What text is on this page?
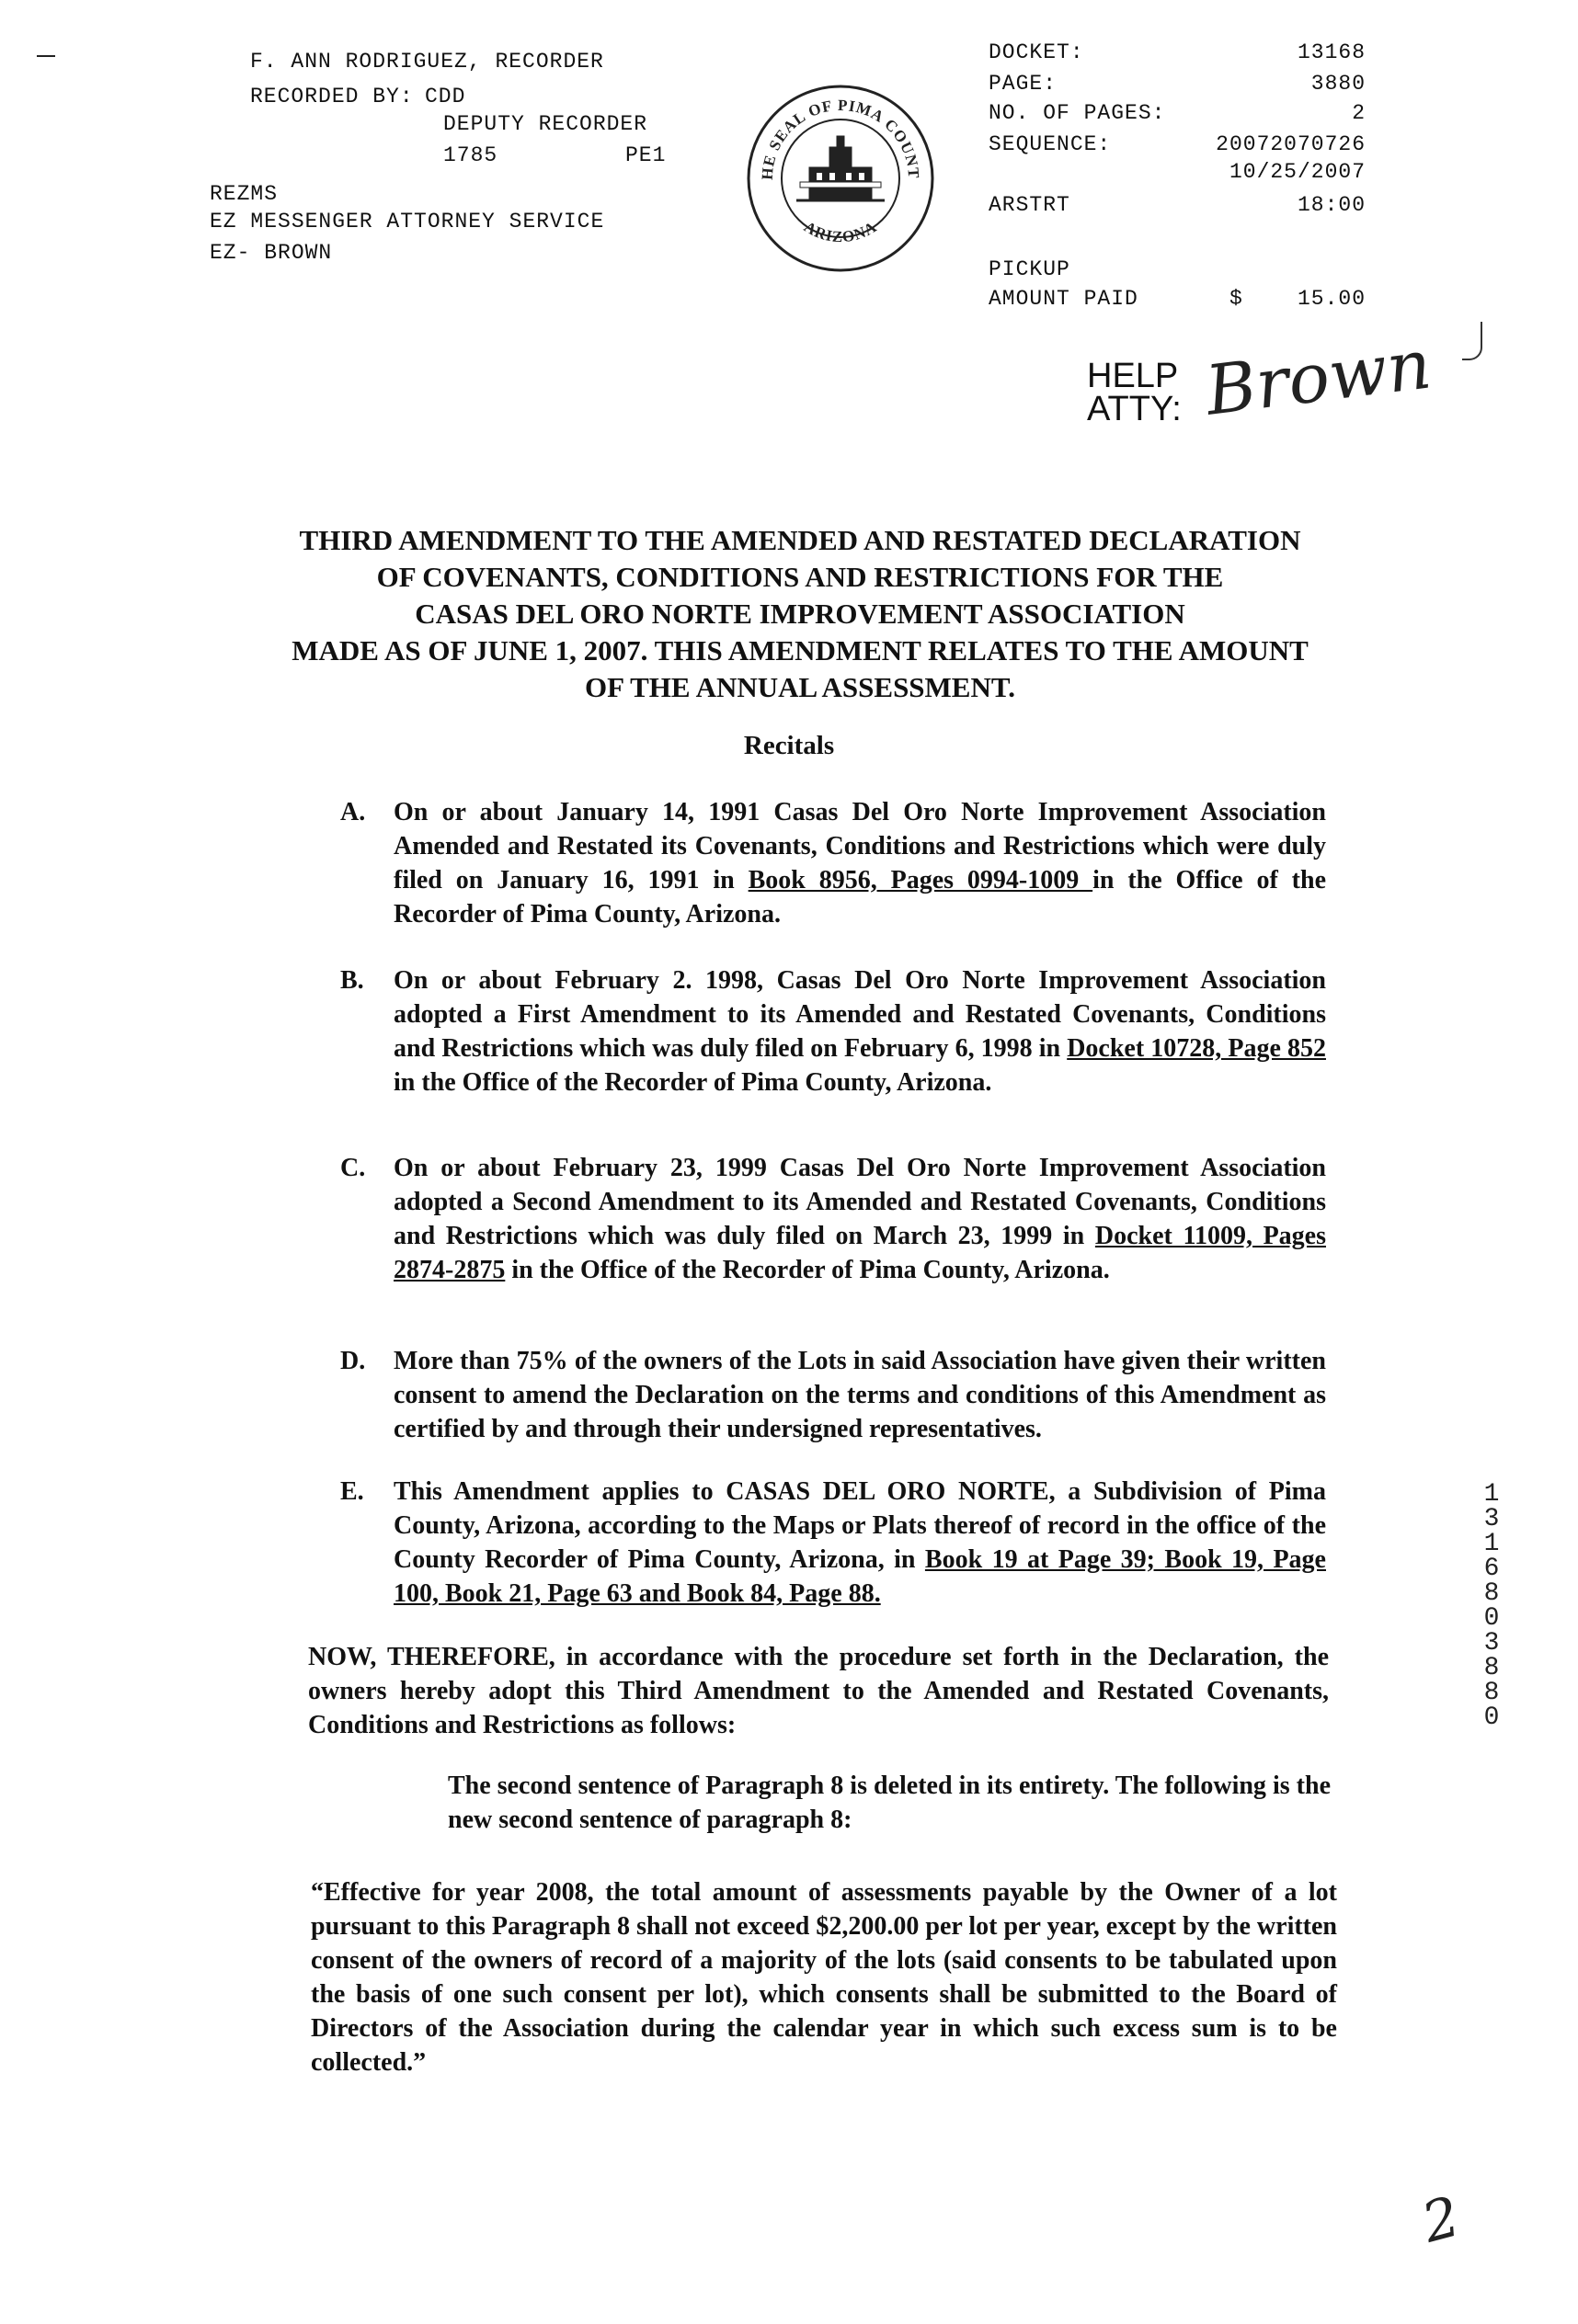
F. ANN RODRIGUEZ, RECORDER
RECORDED BY: CDD
DEPUTY RECORDER
1785	PE1
REZMS
EZ MESSENGER ATTORNEY SERVICE
EZ- BROWN
HE SEAL OF PIMA COUNT
ARIZONA
DOCKET:	13168
PAGE:	3880
NO. OF PAGES:	2
SEQUENCE:	20072070726
10/25/2007
ARSTRT	18:00
PICKUP
AMOUNT PAID	$    15.00
HELP
ATTY: Brown
THIRD AMENDMENT TO THE AMENDED AND RESTATED DECLARATION
OF COVENANTS, CONDITIONS AND RESTRICTIONS FOR THE
CASAS DEL ORO NORTE IMPROVEMENT ASSOCIATION
MADE AS OF JUNE 1, 2007. THIS AMENDMENT RELATES TO THE AMOUNT
OF THE ANNUAL ASSESSMENT.
Recitals
A. On or about January 14, 1991 Casas Del Oro Norte Improvement Association Amended and Restated its Covenants, Conditions and Restrictions which were duly filed on January 16, 1991 in Book 8956, Pages 0994-1009 in the Office of the Recorder of Pima County, Arizona.
B. On or about February 2. 1998, Casas Del Oro Norte Improvement Association adopted a First Amendment to its Amended and Restated Covenants, Conditions and Restrictions which was duly filed on February 6, 1998 in Docket 10728, Page 852 in the Office of the Recorder of Pima County, Arizona.
C. On or about February 23, 1999 Casas Del Oro Norte Improvement Association adopted a Second Amendment to its Amended and Restated Covenants, Conditions and Restrictions which was duly filed on March 23, 1999 in Docket 11009, Pages 2874-2875 in the Office of the Recorder of Pima County, Arizona.
D. More than 75% of the owners of the Lots in said Association have given their written consent to amend the Declaration on the terms and conditions of this Amendment as certified by and through their undersigned representatives.
E. This Amendment applies to CASAS DEL ORO NORTE, a Subdivision of Pima County, Arizona, according to the Maps or Plats thereof of record in the office of the County Recorder of Pima County, Arizona, in Book 19 at Page 39; Book 19, Page 100, Book 21, Page 63 and Book 84, Page 88.
NOW, THEREFORE, in accordance with the procedure set forth in the Declaration, the owners hereby adopt this Third Amendment to the Amended and Restated Covenants, Conditions and Restrictions as follows:
The second sentence of Paragraph 8 is deleted in its entirety. The following is the new second sentence of paragraph 8:
“Effective for year 2008, the total amount of assessments payable by the Owner of a lot pursuant to this Paragraph 8 shall not exceed $2,200.00 per lot per year, except by the written consent of the owners of record of a majority of the lots (said consents to be tabulated upon the basis of one such consent per lot), which consents shall be submitted to the Board of Directors of the Association during the calendar year in which such excess sum is to be collected.”
13168 03880
2
